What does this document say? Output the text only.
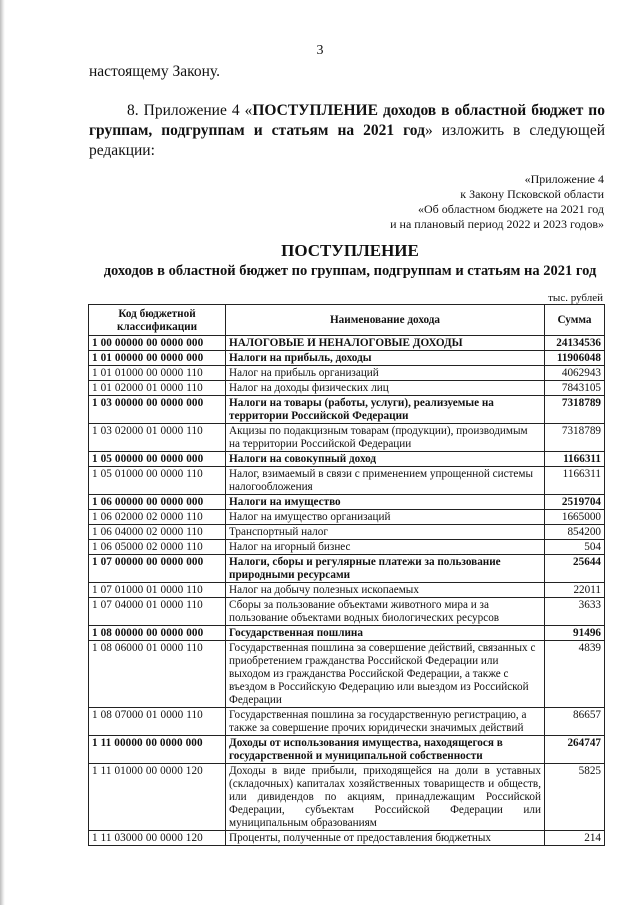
3
настоящему Закону.
8. Приложение 4 «ПОСТУПЛЕНИЕ доходов в областной бюджет по группам, подгруппам и статьям на 2021 год» изложить в следующей редакции:
«Приложение 4
к Закону Псковской области
«Об областном бюджете на 2021 год
и на плановый период 2022 и 2023 годов»
ПОСТУПЛЕНИЕ
доходов в областной бюджет по группам, подгруппам и статьям на 2021 год
тыс. рублей
Код бюджетной классификации	Наименование дохода	Сумма
1 00 00000 00 0000 000	НАЛОГОВЫЕ И НЕНАЛОГОВЫЕ ДОХОДЫ	24134536
1 01 00000 00 0000 000	Налоги на прибыль, доходы	11906048
1 01 01000 00 0000 110	Налог на прибыль организаций	4062943
1 01 02000 01 0000 110	Налог на доходы физических лиц	7843105
1 03 00000 00 0000 000	Налоги на товары (работы, услуги), реализуемые на территории Российской Федерации	7318789
1 03 02000 01 0000 110	Акцизы по подакцизным товарам (продукции), производимым на территории Российской Федерации	7318789
1 05 00000 00 0000 000	Налоги на совокупный доход	1166311
1 05 01000 00 0000 110	Налог, взимаемый в связи с применением упрощенной системы налогообложения	1166311
1 06 00000 00 0000 000	Налоги на имущество	2519704
1 06 02000 02 0000 110	Налог на имущество организаций	1665000
1 06 04000 02 0000 110	Транспортный налог	854200
1 06 05000 02 0000 110	Налог на игорный бизнес	504
1 07 00000 00 0000 000	Налоги, сборы и регулярные платежи за пользование природными ресурсами	25644
1 07 01000 01 0000 110	Налог на добычу полезных ископаемых	22011
1 07 04000 01 0000 110	Сборы за пользование объектами животного мира и за пользование объектами водных биологических ресурсов	3633
1 08 00000 00 0000 000	Государственная пошлина	91496
1 08 06000 01 0000 110	Государственная пошлина за совершение действий, связанных с приобретением гражданства Российской Федерации или выходом из гражданства Российской Федерации, а также с въездом в Российскую Федерацию или выездом из Российской Федерации	4839
1 08 07000 01 0000 110	Государственная пошлина за государственную регистрацию, а также за совершение прочих юридически значимых действий	86657
1 11 00000 00 0000 000	Доходы от использования имущества, находящегося в государственной и муниципальной собственности	264747
1 11 01000 00 0000 120	Доходы в виде прибыли, приходящейся на доли в уставных (складочных) капиталах хозяйственных товариществ и обществ, или дивидендов по акциям, принадлежащим Российской Федерации, субъектам Российской Федерации или муниципальным образованиям	5825
1 11 03000 00 0000 120	Проценты, полученные от предоставления бюджетных	214
